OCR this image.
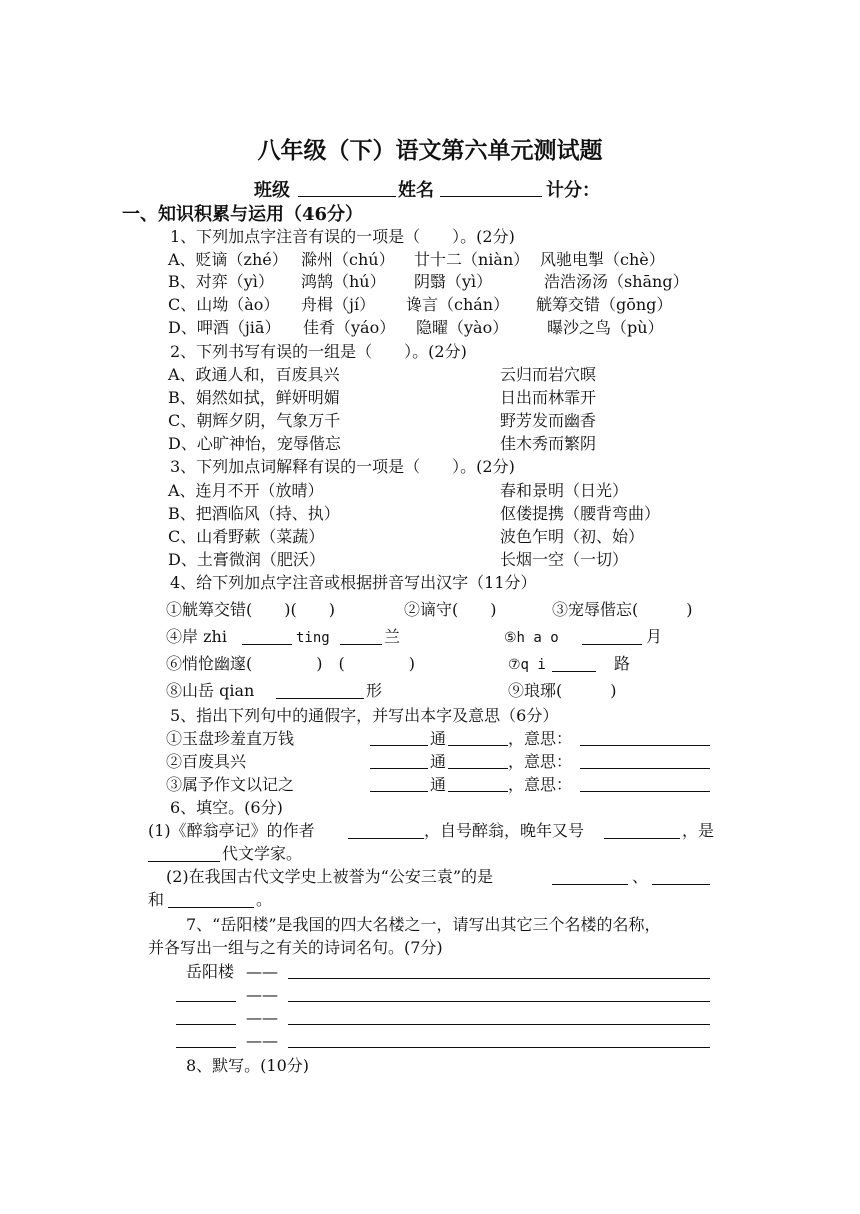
八年级（下）语文第六单元测试题
班级	姓名	计分：
一、知识积累与运用（46分）
1、下列加点字注音有误的一项是（　　）。(2分)
A、贬谪（zhé） 滁州（chú） 廿十二（niàn） 风驰电掣（chè）
B、对弈（yì） 鸿鹄（hú） 阴翳（yì）	浩浩汤汤（shāng）
C、山坳（ào） 舟楫（jí） 谗言（chán） 觥筹交错（gōng）
D、呷酒（jiā） 佳肴（yáo） 隐曜（yào） 曝沙之鸟（pù）
2、下列书写有误的一组是（　　）。(2分)
A、政通人和，百废具兴	云归而岩穴暝
B、娟然如拭，鲜妍明媚	日出而林霏开
C、朝辉夕阴，气象万千	野芳发而幽香
D、心旷神怡，宠辱偕忘	佳木秀而繁阴
3、下列加点词解释有误的一项是（　　）。(2分)
A、连月不开（放晴）	春和景明（日光）
B、把酒临风（持、执）	伛偻提携（腰背弯曲）
C、山肴野蔌（菜蔬）	波色乍明（初、始）
D、土膏微润（肥沃）	长烟一空（一切）
4、给下列加点字注音或根据拼音写出汉字（11分）
①觥筹交错(　　)(　　)	②谪守(　　)	③宠辱偕忘(　　　)
④岸 zhi	ting	兰	⑤h a o	月
⑥悄怆幽邃(　　　　)　(　　　　)	⑦q i	路
⑧山岳 qian	形	⑨琅琊(　　　)
5、指出下列句中的通假字，并写出本字及意思（6分）
①玉盘珍羞直万钱	通	，意思：
②百废具兴	通	，意思：
③属予作文以记之	通	，意思：
6、填空。(6分)
(1)《醉翁亭记》的作者	，自号醉翁，晚年又号	，是
代文学家。
(2)在我国古代文学史上被誉为“公安三袁”的是	、
和	。
7、“岳阳楼”是我国的四大名楼之一，请写出其它三个名楼的名称，
并各写出一组与之有关的诗词名句。(7分)
岳阳楼 ——
——
——
——
8、默写。(10分)
